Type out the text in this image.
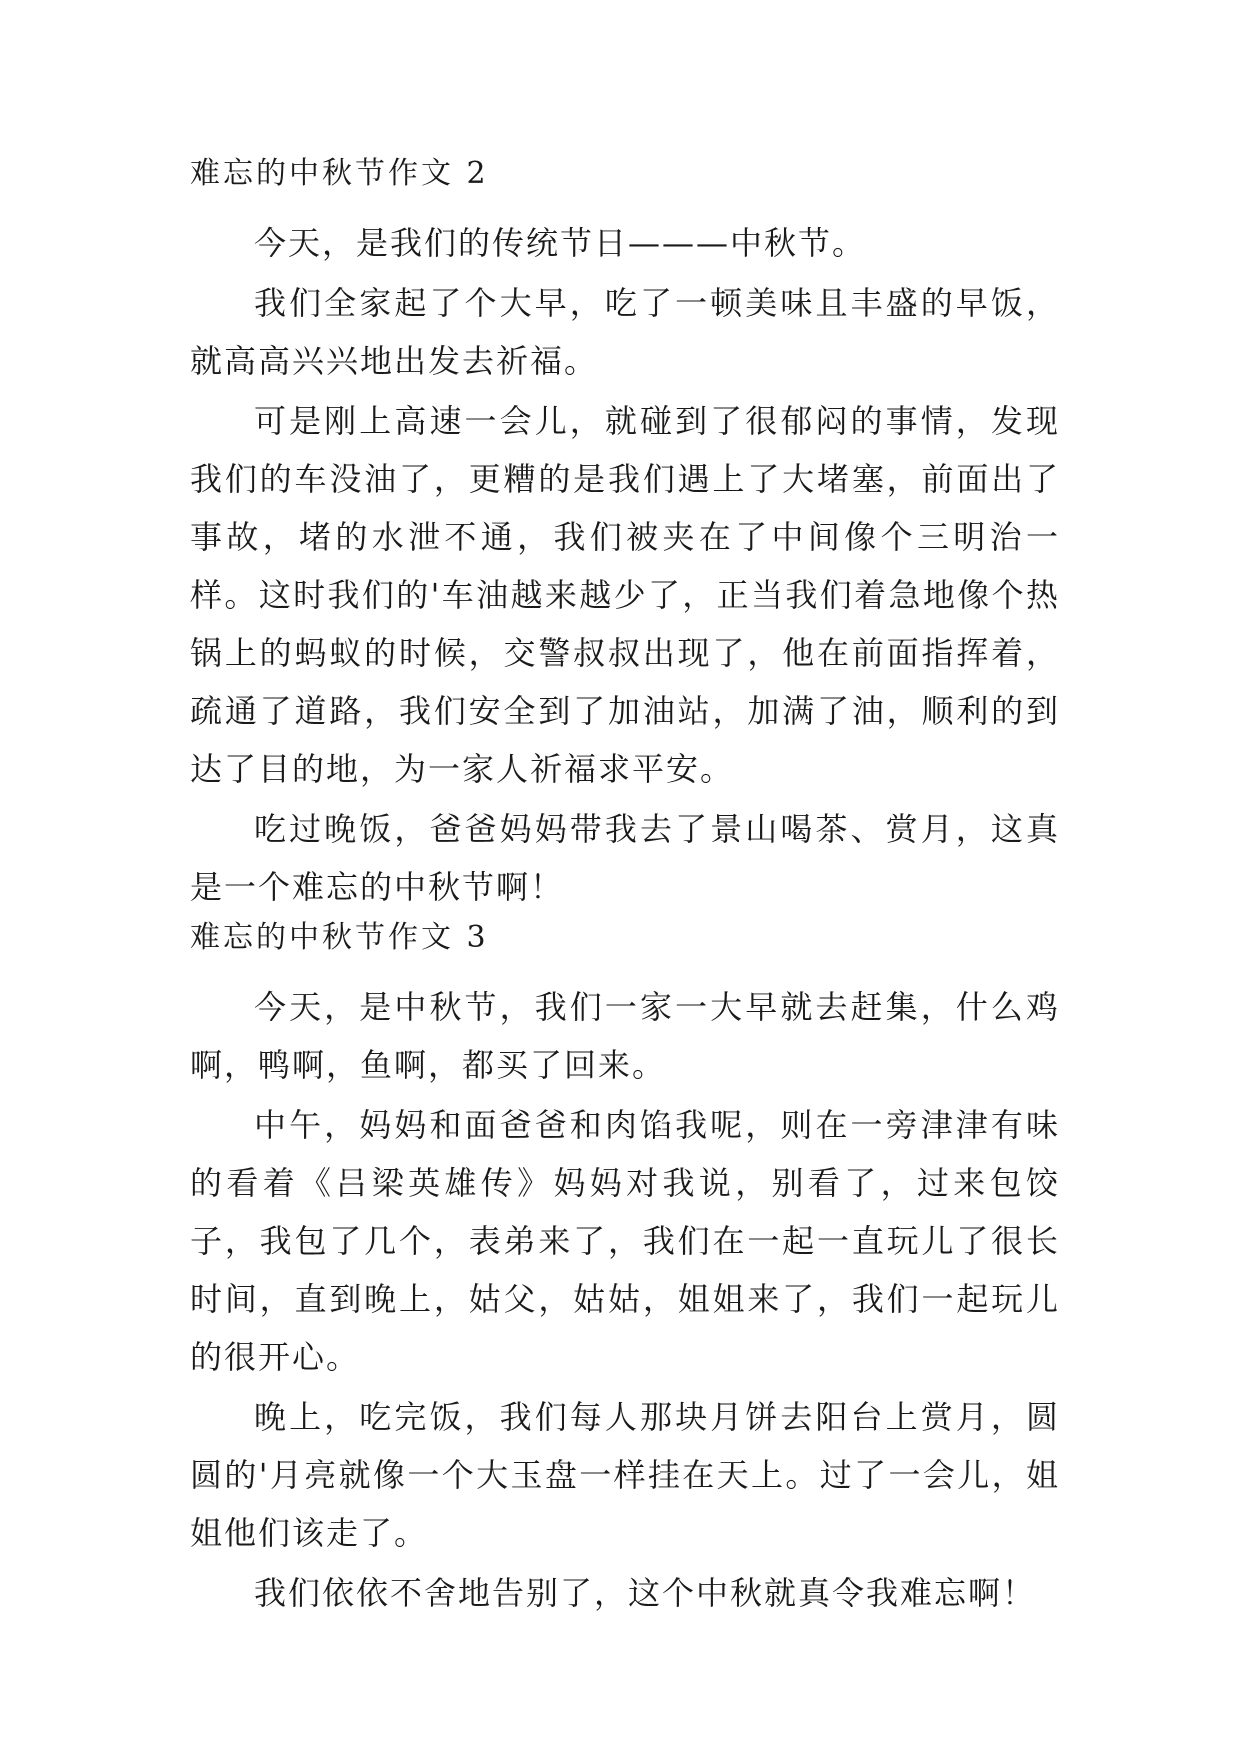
难忘的中秋节作文 2

今天，是我们的传统节日———中秋节。

我们全家起了个大早，吃了一顿美味且丰盛的早饭，就高高兴兴地出发去祈福。

可是刚上高速一会儿，就碰到了很郁闷的事情，发现我们的车没油了，更糟的是我们遇上了大堵塞，前面出了事故，堵的水泄不通，我们被夹在了中间像个三明治一样。这时我们的'车油越来越少了，正当我们着急地像个热锅上的蚂蚁的时候，交警叔叔出现了，他在前面指挥着，疏通了道路，我们安全到了加油站，加满了油，顺利的到达了目的地，为一家人祈福求平安。

吃过晚饭，爸爸妈妈带我去了景山喝茶、赏月，这真是一个难忘的中秋节啊！

难忘的中秋节作文 3

今天，是中秋节，我们一家一大早就去赶集，什么鸡啊，鸭啊，鱼啊，都买了回来。

中午，妈妈和面爸爸和肉馅我呢，则在一旁津津有味的看着《吕梁英雄传》妈妈对我说，别看了，过来包饺子，我包了几个，表弟来了，我们在一起一直玩儿了很长时间，直到晚上，姑父，姑姑，姐姐来了，我们一起玩儿的很开心。

晚上，吃完饭，我们每人那块月饼去阳台上赏月，圆圆的'月亮就像一个大玉盘一样挂在天上。过了一会儿，姐姐他们该走了。

我们依依不舍地告别了，这个中秋就真令我难忘啊！
